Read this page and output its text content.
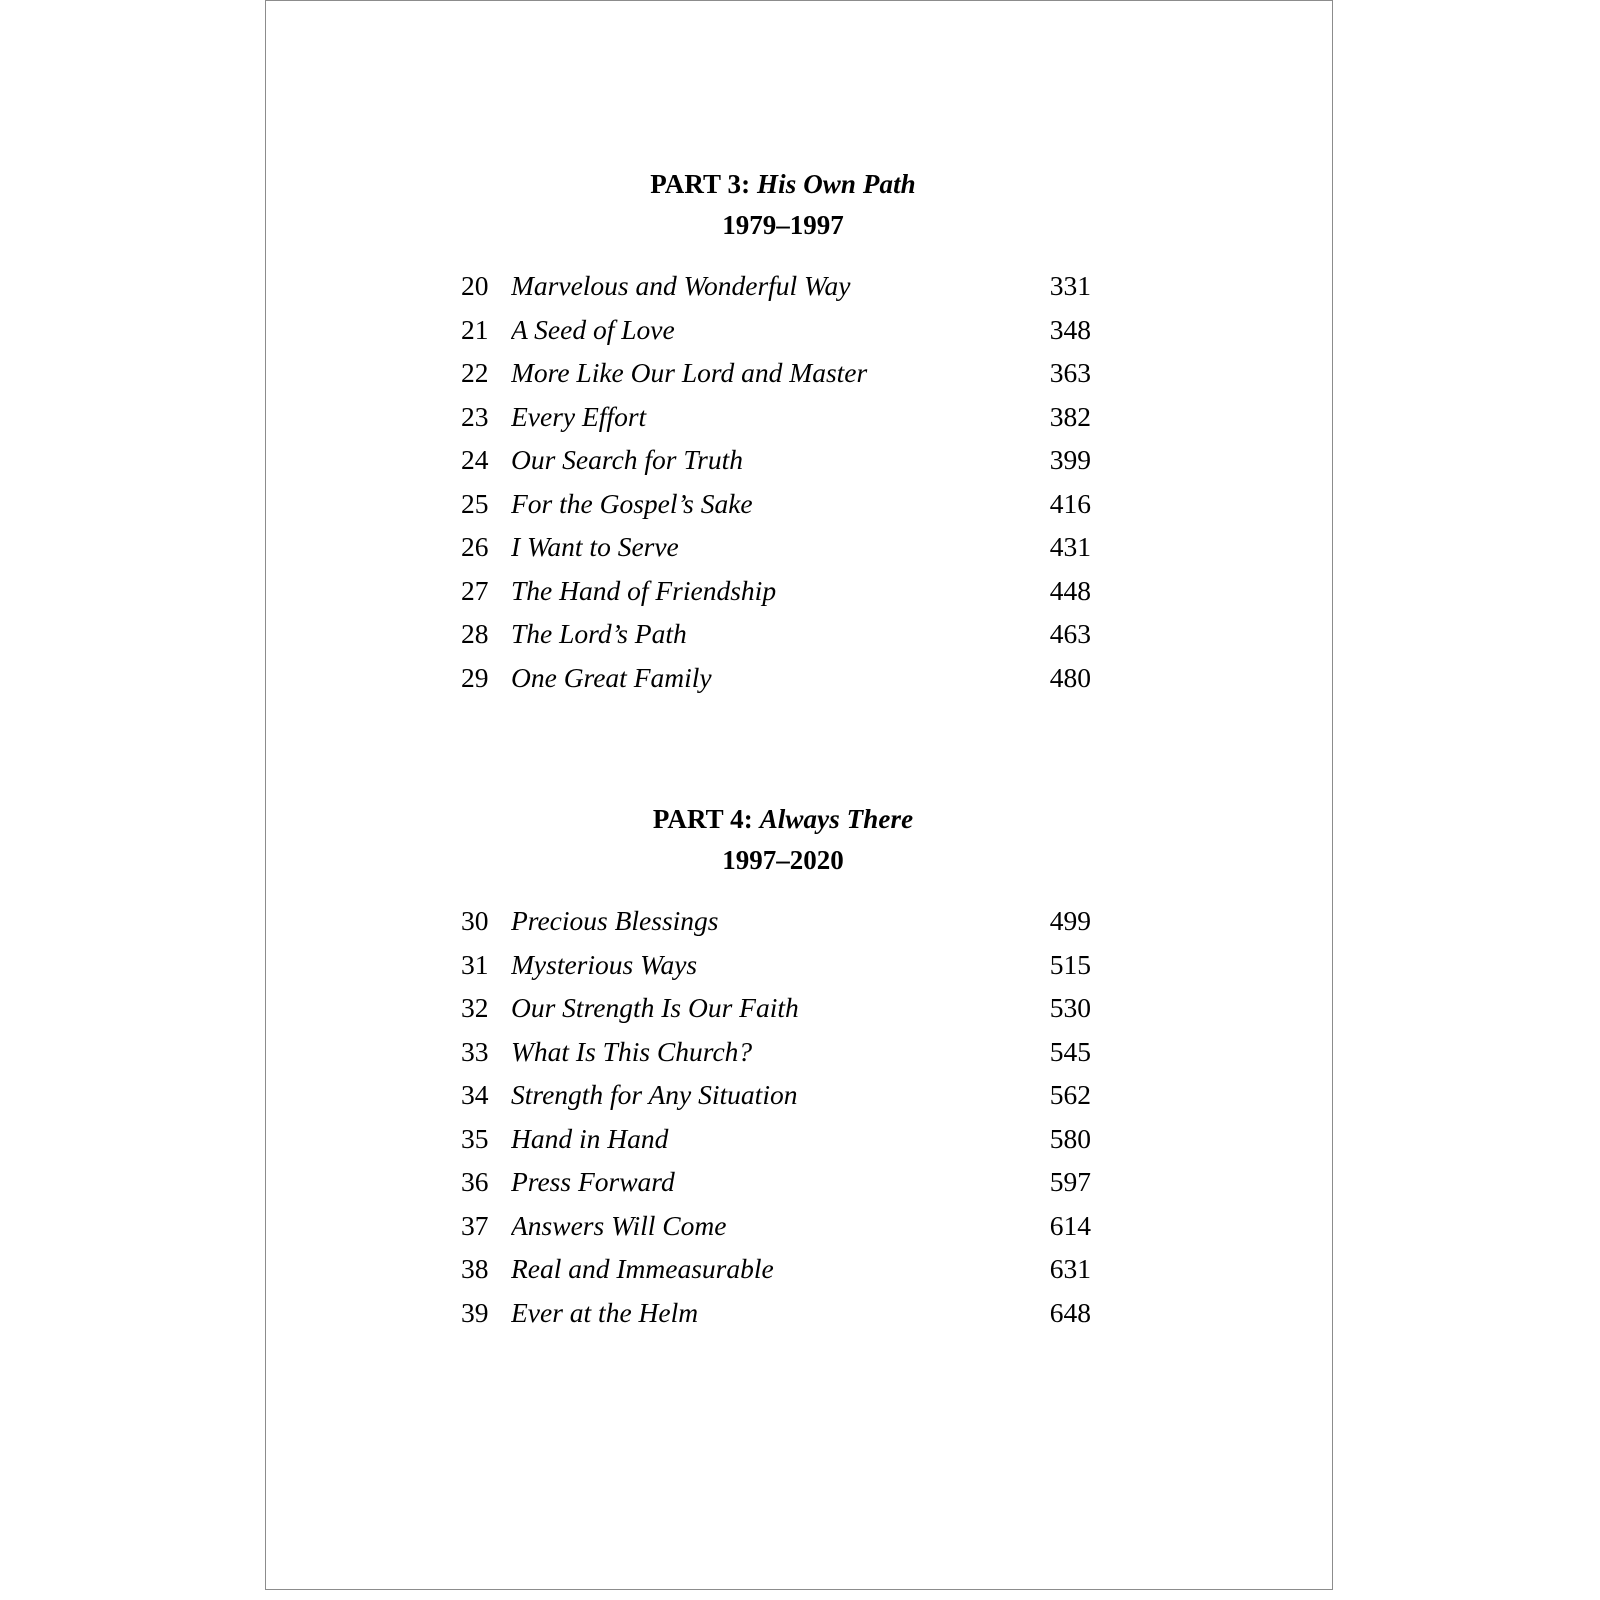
PART 3: His Own Path
1979–1997
20 Marvelous and Wonderful Way	331
21 A Seed of Love	348
22 More Like Our Lord and Master	363
23 Every Effort	382
24 Our Search for Truth	399
25 For the Gospel’s Sake	416
26 I Want to Serve	431
27 The Hand of Friendship	448
28 The Lord’s Path	463
29 One Great Family	480
PART 4: Always There
1997–2020
30 Precious Blessings	499
31 Mysterious Ways	515
32 Our Strength Is Our Faith	530
33 What Is This Church?	545
34 Strength for Any Situation	562
35 Hand in Hand	580
36 Press Forward	597
37 Answers Will Come	614
38 Real and Immeasurable	631
39 Ever at the Helm	648
